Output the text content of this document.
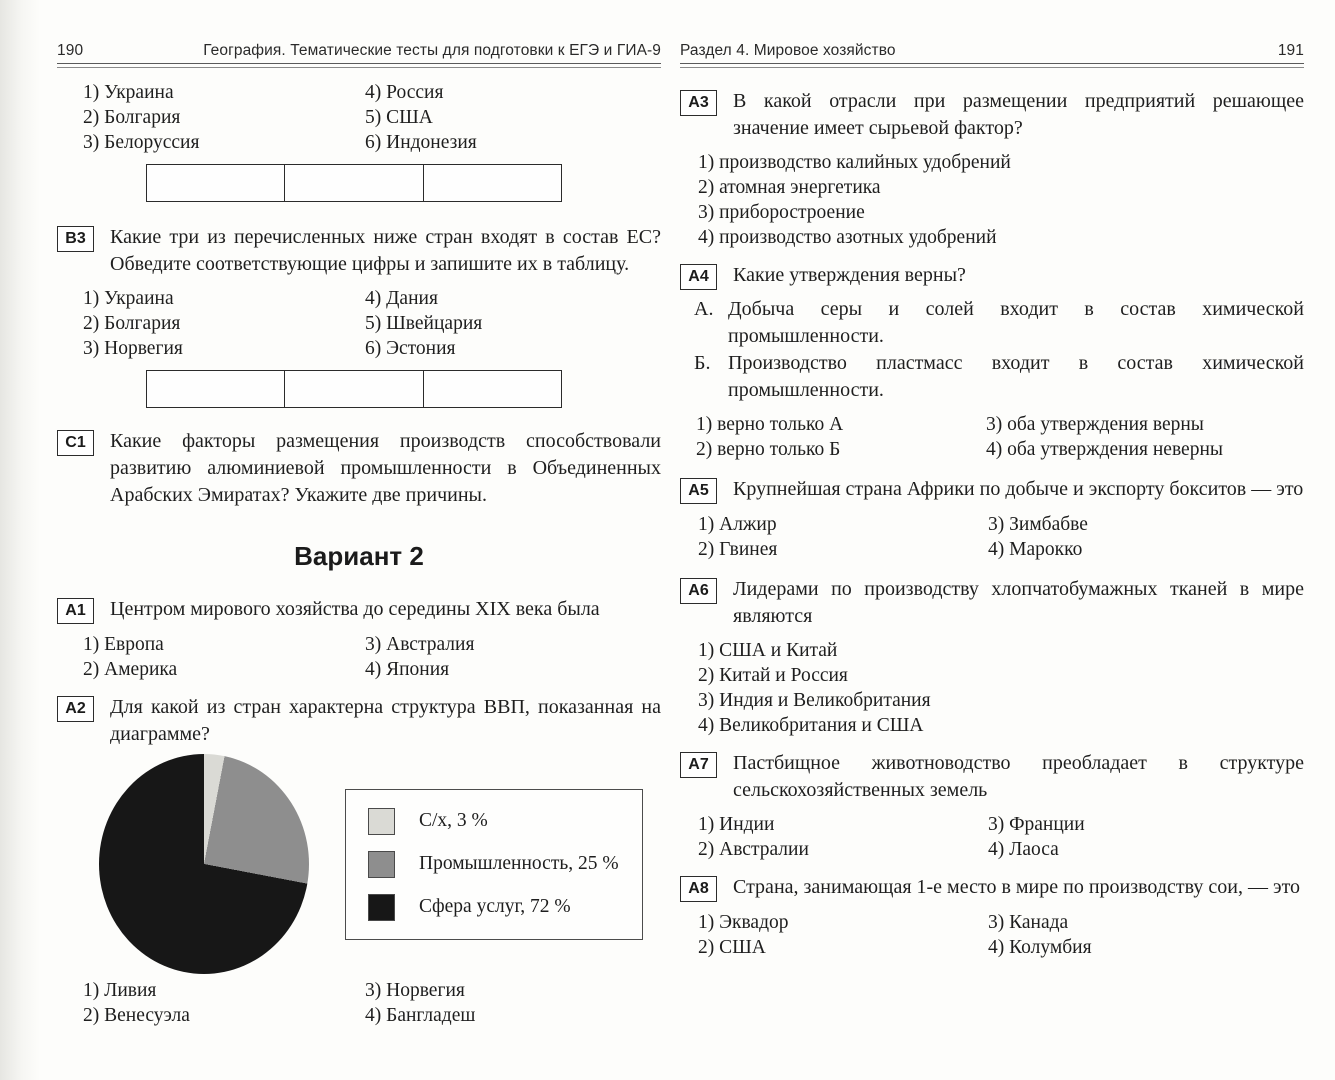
190	География. Тематические тесты для подготовки к ЕГЭ и ГИА-9
1) Украина	4) Россия
2) Болгария	5) США
3) Белоруссия	6) Индонезия
В3	Какие три из перечисленных ниже стран входят в состав ЕС? Обведите соответствующие цифры и запишите их в таблицу.

1) Украина	4) Дания
2) Болгария	5) Швейцария
3) Норвегия	6) Эстония
С1	Какие факторы размещения производств способствовали развитию алюминиевой промышленности в Объединенных Арабских Эмиратах? Укажите две причины.

Вариант 2
А1	Центром мирового хозяйства до середины XIX века была

1) Европа	3) Австралия
2) Америка	4) Япония
А2	Для какой из стран характерна структура ВВП, показанная на диаграмме?

С/х, 3 %
Промышленность, 25 %
Сфера услуг, 72 %
1) Ливия	3) Норвегия
2) Венесуэла	4) Бангладеш
Раздел 4. Мировое хозяйство	191
А3	В какой отрасли при размещении предприятий решающее значение имеет сырьевой фактор?

1) производство калийных удобрений
2) атомная энергетика
3) приборостроение
4) производство азотных удобрений
А4	Какие утверждения верны?

А. Добыча серы и солей входит в состав химической промышленности.
Б. Производство пластмасс входит в состав химической промышленности.
1) верно только А	3) оба утверждения верны
2) верно только Б	4) оба утверждения неверны
А5	Крупнейшая страна Африки по добыче и экспорту бокситов — это

1) Алжир	3) Зимбабве
2) Гвинея	4) Марокко
А6	Лидерами по производству хлопчатобумажных тканей в мире являются

1) США и Китай
2) Китай и Россия
3) Индия и Великобритания
4) Великобритания и США
А7	Пастбищное животноводство преобладает в структуре сельскохозяйственных земель

1) Индии	3) Франции
2) Австралии	4) Лаоса
А8	Страна, занимающая 1-е место в мире по производству сои, — это

1) Эквадор	3) Канада
2) США	4) Колумбия
